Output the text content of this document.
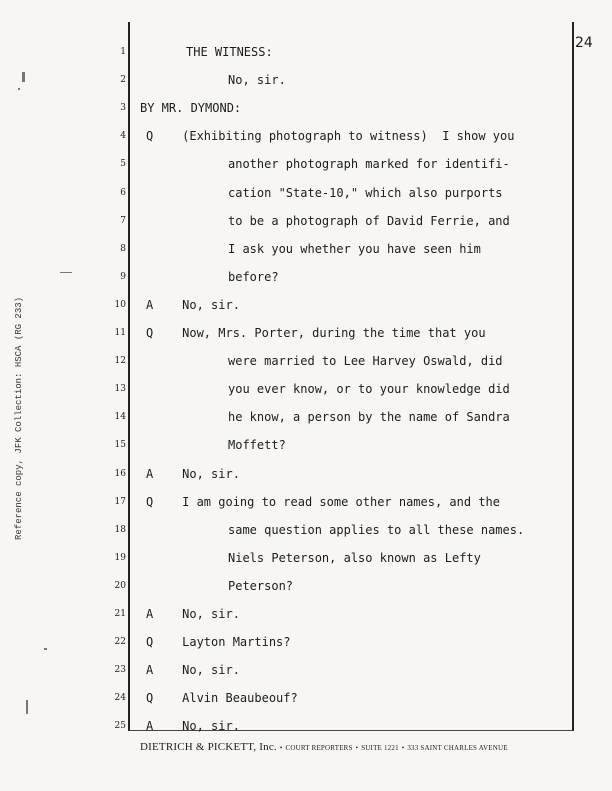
24
1	THE WITNESS:
2	No, sir.
3 BY MR. DYMOND:
4 Q    (Exhibiting photograph to witness)  I show you
5	another photograph marked for identifi-
6	cation "State-10," which also purports
7	to be a photograph of David Ferrie, and
8	I ask you whether you have seen him
9	before?
10 A    No, sir.
11 Q    Now, Mrs. Porter, during the time that you
12	were married to Lee Harvey Oswald, did
13	you ever know, or to your knowledge did
14	he know, a person by the name of Sandra
15	Moffett?
16 A    No, sir.
17 Q    I am going to read some other names, and the
18	same question applies to all these names.
19	Niels Peterson, also known as Lefty
20	Peterson?
21 A    No, sir.
22 Q    Layton Martins?
23 A    No, sir.
24 Q    Alvin Beaubeouf?
25 A    No, sir.
Reference copy, JFK Collection: HSCA (RG 233)
DIETRICH & PICKETT, Inc. • COURT REPORTERS • SUITE 1221 • 333 SAINT CHARLES AVENUE
